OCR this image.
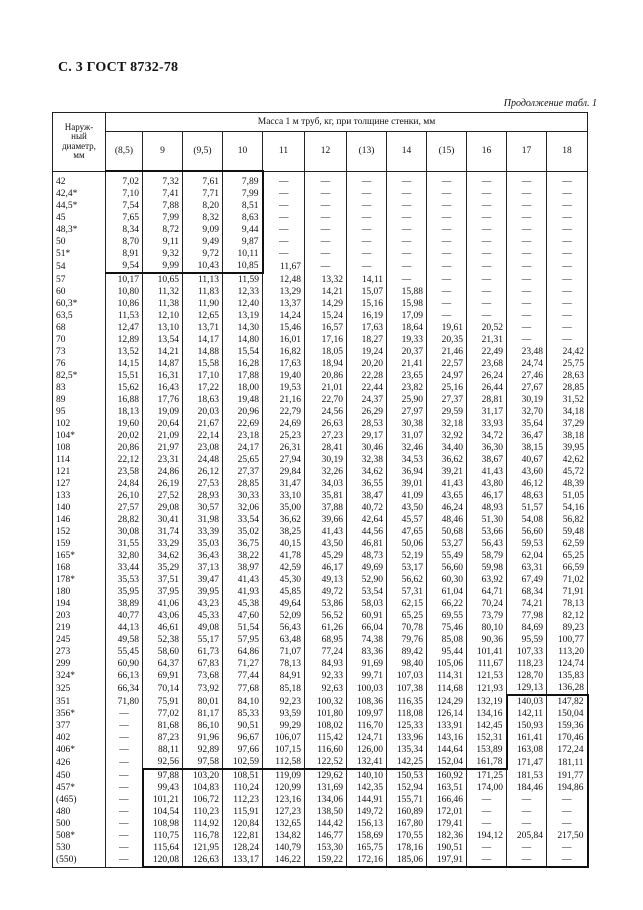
С. 3 ГОСТ 8732-78
Продолжение табл. 1
Наруж-
ный
диаметр,
мм	Масса 1 м труб, кг, при толщине стенки, мм											
	(8,5)	9	(9,5)	10	11	12	(13)	14	(15)	16	17	18
42	7,02	7,32	7,61	7,89	—	—	—	—	—	—	—	—
42,4*	7,10	7,41	7,71	7,99	—	—	—	—	—	—	—	—
44,5*	7,54	7,88	8,20	8,51	—	—	—	—	—	—	—	—
45	7,65	7,99	8,32	8,63	—	—	—	—	—	—	—	—
48,3*	8,34	8,72	9,09	9,44	—	—	—	—	—	—	—	—
50	8,70	9,11	9,49	9,87	—	—	—	—	—	—	—	—
51*	8,91	9,32	9,72	10,11	—	—	—	—	—	—	—	—
54	9,54	9,99	10,43	10,85	11,67	—	—	—	—	—	—	—
57	10,17	10,65	11,13	11,59	12,48	13,32	14,11	—	—	—	—	—
60	10,80	11,32	11,83	12,33	13,29	14,21	15,07	15,88	—	—	—	—
60,3*	10,86	11,38	11,90	12,40	13,37	14,29	15,16	15,98	—	—	—	—
63,5	11,53	12,10	12,65	13,19	14,24	15,24	16,19	17,09	—	—	—	—
68	12,47	13,10	13,71	14,30	15,46	16,57	17,63	18,64	19,61	20,52	—	—
70	12,89	13,54	14,17	14,80	16,01	17,16	18,27	19,33	20,35	21,31	—	—
73	13,52	14,21	14,88	15,54	16,82	18,05	19,24	20,37	21,46	22,49	23,48	24,42
76	14,15	14,87	15,58	16,28	17,63	18,94	20,20	21,41	22,57	23,68	24,74	25,75
82,5*	15,51	16,31	17,10	17,88	19,40	20,86	22,28	23,65	24,97	26,24	27,46	28,63
83	15,62	16,43	17,22	18,00	19,53	21,01	22,44	23,82	25,16	26,44	27,67	28,85
89	16,88	17,76	18,63	19,48	21,16	22,70	24,37	25,90	27,37	28,81	30,19	31,52
95	18,13	19,09	20,03	20,96	22,79	24,56	26,29	27,97	29,59	31,17	32,70	34,18
102	19,60	20,64	21,67	22,69	24,69	26,63	28,53	30,38	32,18	33,93	35,64	37,29
104*	20,02	21,09	22,14	23,18	25,23	27,23	29,17	31,07	32,92	34,72	36,47	38,18
108	20,86	21,97	23,08	24,17	26,31	28,41	30,46	32,46	34,40	36,30	38,15	39,95
114	22,12	23,31	24,48	25,65	27,94	30,19	32,38	34,53	36,62	38,67	40,67	42,62
121	23,58	24,86	26,12	27,37	29,84	32,26	34,62	36,94	39,21	41,43	43,60	45,72
127	24,84	26,19	27,53	28,85	31,47	34,03	36,55	39,01	41,43	43,80	46,12	48,39
133	26,10	27,52	28,93	30,33	33,10	35,81	38,47	41,09	43,65	46,17	48,63	51,05
140	27,57	29,08	30,57	32,06	35,00	37,88	40,72	43,50	46,24	48,93	51,57	54,16
146	28,82	30,41	31,98	33,54	36,62	39,66	42,64	45,57	48,46	51,30	54,08	56,82
152	30,08	31,74	33,39	35,02	38,25	41,43	44,56	47,65	50,68	53,66	56,60	59,48
159	31,55	33,29	35,03	36,75	40,15	43,50	46,81	50,06	53,27	56,43	59,53	62,59
165*	32,80	34,62	36,43	38,22	41,78	45,29	48,73	52,19	55,49	58,79	62,04	65,25
168	33,44	35,29	37,13	38,97	42,59	46,17	49,69	53,17	56,60	59,98	63,31	66,59
178*	35,53	37,51	39,47	41,43	45,30	49,13	52,90	56,62	60,30	63,92	67,49	71,02
180	35,95	37,95	39,95	41,93	45,85	49,72	53,54	57,31	61,04	64,71	68,34	71,91
194	38,89	41,06	43,23	45,38	49,64	53,86	58,03	62,15	66,22	70,24	74,21	78,13
203	40,77	43,06	45,33	47,60	52,09	56,52	60,91	65,25	69,55	73,79	77,98	82,12
219	44,13	46,61	49,08	51,54	56,43	61,26	66,04	70,78	75,46	80,10	84,69	89,23
245	49,58	52,38	55,17	57,95	63,48	68,95	74,38	79,76	85,08	90,36	95,59	100,77
273	55,45	58,60	61,73	64,86	71,07	77,24	83,36	89,42	95,44	101,41	107,33	113,20
299	60,90	64,37	67,83	71,27	78,13	84,93	91,69	98,40	105,06	111,67	118,23	124,74
324*	66,13	69,91	73,68	77,44	84,91	92,33	99,71	107,03	114,31	121,53	128,70	135,83
325	66,34	70,14	73,92	77,68	85,18	92,63	100,03	107,38	114,68	121,93	129,13	136,28
351	71,80	75,91	80,01	84,10	92,23	100,32	108,36	116,35	124,29	132,19	140,03	147,82
356*	—	77,02	81,17	85,33	93,59	101,80	109,97	118,08	126,14	134,16	142,11	150,04
377	—	81,68	86,10	90,51	99,29	108,02	116,70	125,33	133,91	142,45	150,93	159,36
402	—	87,23	91,96	96,67	106,07	115,42	124,71	133,96	143,16	152,31	161,41	170,46
406*	—	88,11	92,89	97,66	107,15	116,60	126,00	135,34	144,64	153,89	163,08	172,24
426	—	92,56	97,58	102,59	112,58	122,52	132,41	142,25	152,04	161,78	171,47	181,11
450	—	97,88	103,20	108,51	119,09	129,62	140,10	150,53	160,92	171,25	181,53	191,77
457*	—	99,43	104,83	110,24	120,99	131,69	142,35	152,94	163,51	174,00	184,46	194,86
(465)	—	101,21	106,72	112,23	123,16	134,06	144,91	155,71	166,46	—	—	—
480	—	104,54	110,23	115,91	127,23	138,50	149,72	160,89	172,01	—	—	—
500	—	108,98	114,92	120,84	132,65	144,42	156,13	167,80	179,41	—	—	—
508*	—	110,75	116,78	122,81	134,82	146,77	158,69	170,55	182,36	194,12	205,84	217,50
530	—	115,64	121,95	128,24	140,79	153,30	165,75	178,16	190,51	—	—	—
(550)	—	120,08	126,63	133,17	146,22	159,22	172,16	185,06	197,91	—	—	—
